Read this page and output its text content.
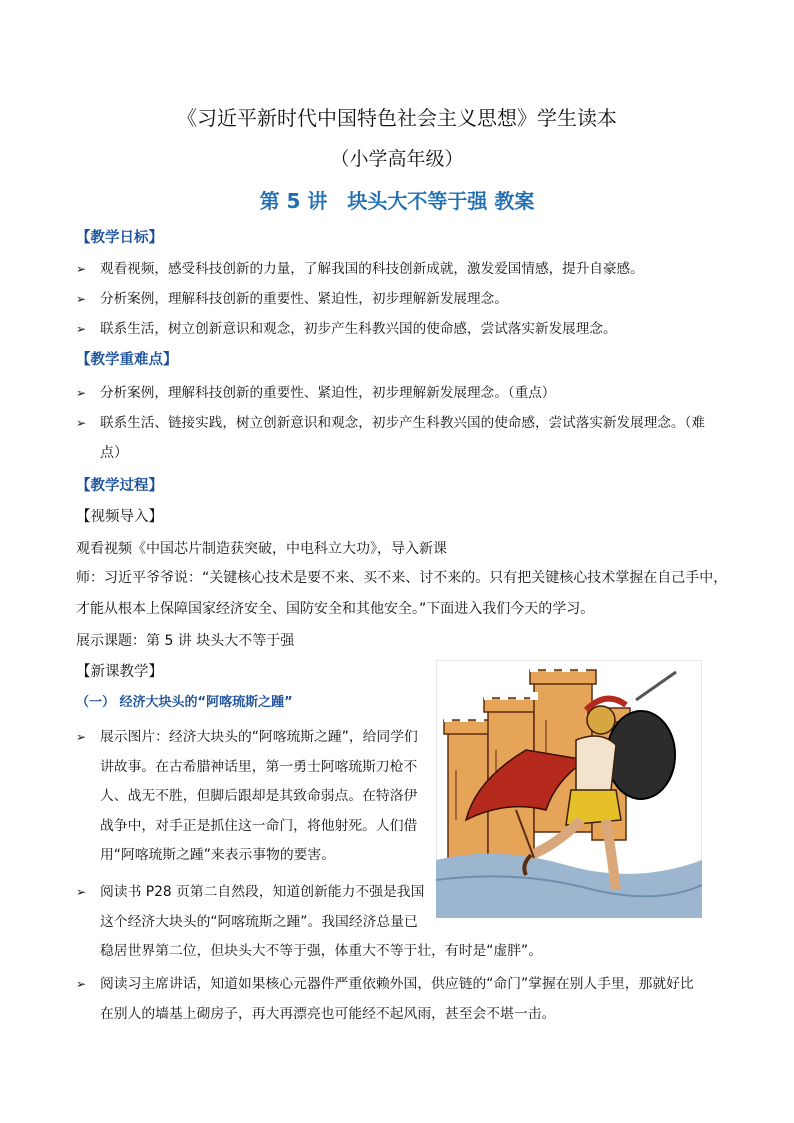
《习近平新时代中国特色社会主义思想》学生读本
（小学高年级）
第 5 讲　块头大不等于强 教案
【教学日标】
➢ 观看视频，感受科技创新的力量，了解我国的科技创新成就，激发爱国情感，提升自豪感。
➢ 分析案例，理解科技创新的重要性、紧迫性，初步理解新发展理念。
➢ 联系生活，树立创新意识和观念，初步产生科教兴国的使命感，尝试落实新发展理念。
【教学重难点】
➢ 分析案例，理解科技创新的重要性、紧迫性，初步理解新发展理念。（重点）
➢ 联系生活、链接实践，树立创新意识和观念，初步产生科教兴国的使命感，尝试落实新发展理念。（难
点）
【教学过程】
【视频导入】
观看视频《中国芯片制造获突破，中电科立大功》，导入新课
师：习近平爷爷说：“关键核心技术是要不来、买不来、讨不来的。只有把关键核心技术掌握在自己手中，
才能从根本上保障国家经济安全、国防安全和其他安全。”下面进入我们今天的学习。
展示课题：第 5 讲 块头大不等于强
【新课教学】
（一） 经济大块头的“阿喀琉斯之踵”
➢ 展示图片：经济大块头的“阿喀琉斯之踵”，给同学们
讲故事。在古希腊神话里，第一勇士阿喀琉斯刀枪不
人、战无不胜，但脚后跟却是其致命弱点。在特洛伊
战争中，对手正是抓住这一命门，将他射死。人们借
用“阿喀琉斯之踵”来表示事物的要害。
➢ 阅读书 P28 页第二自然段，知道创新能力不强是我国
这个经济大块头的“阿喀琉斯之踵”。我国经济总量已
稳居世界第二位，但块头大不等于强，体重大不等于壮，有时是“虚胖”。
➢ 阅读习主席讲话，知道如果核心元器件严重依赖外国，供应链的“命门”掌握在别人手里，那就好比
在别人的墙基上砌房子，再大再漂亮也可能经不起风雨，甚至会不堪一击。
